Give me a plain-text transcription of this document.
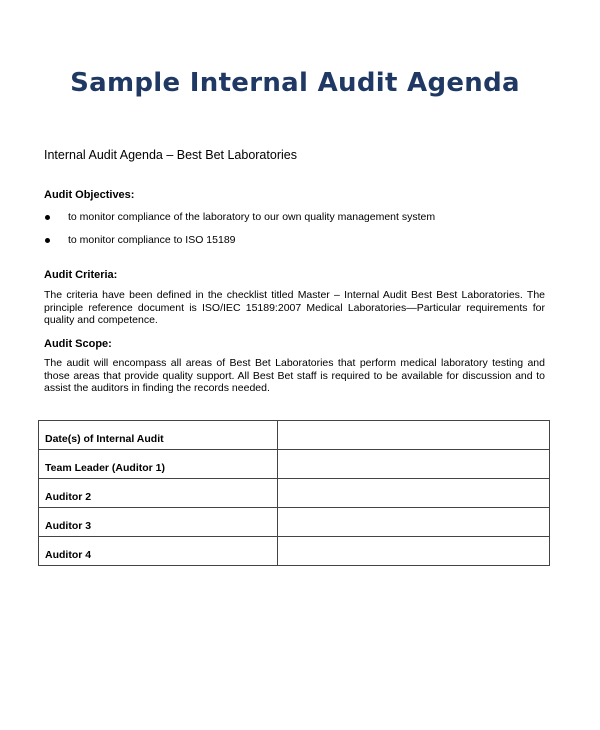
Sample Internal Audit Agenda
Internal Audit Agenda – Best Bet Laboratories

Audit Objectives:

to monitor compliance of the laboratory to our own quality management system
to monitor compliance to ISO 15189

Audit Criteria:

The criteria have been defined in the checklist titled Master – Internal Audit Best Best Laboratories. The principle reference document is ISO/IEC 15189:2007 Medical Laboratories—Particular requirements for quality and competence.

Audit Scope:

The audit will encompass all areas of Best Bet Laboratories that perform medical laboratory testing and those areas that provide quality support. All Best Bet staff is required to be available for discussion and to assist the auditors in finding the records needed.

Date(s) of Internal Audit	
Team Leader (Auditor 1)	
Auditor 2	
Auditor 3	
Auditor 4	
